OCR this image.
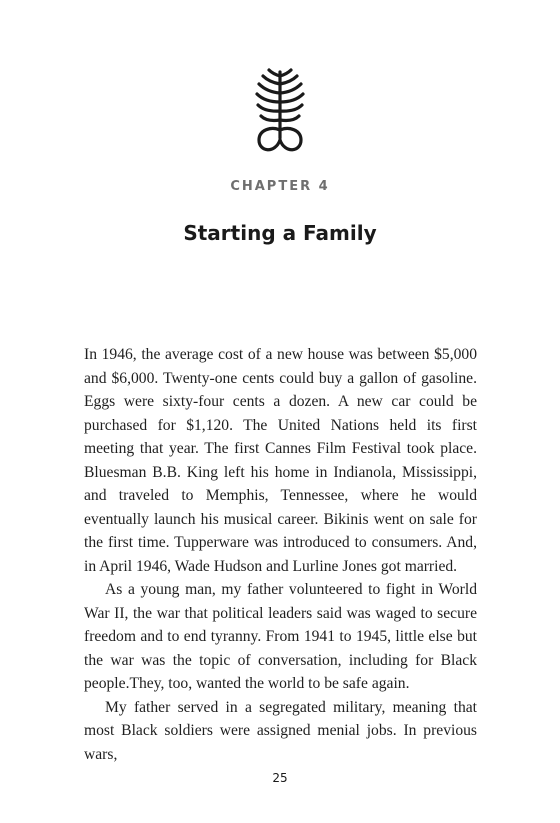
CHAPTER 4
Starting a Family

In 1946, the average cost of a new house was between $5,000 and $6,000. Twenty-one cents could buy a gallon of gasoline. Eggs were sixty-four cents a dozen. A new car could be purchased for $1,120. The United Nations held its first meeting that year. The first Cannes Film Festival took place. Bluesman B.B. King left his home in Indianola, Mississippi, and traveled to Memphis, Tennessee, where he would eventually launch his musical career. Bikinis went on sale for the first time. Tupperware was introduced to consumers. And, in April 1946, Wade Hudson and Lurline Jones got married.

As a young man, my father volunteered to fight in World War II, the war that political leaders said was waged to secure freedom and to end tyranny. From 1941 to 1945, little else but the war was the topic of conversation, including for Black people.They, too, wanted the world to be safe again.

My father served in a segregated military, meaning that most Black soldiers were assigned menial jobs. In previous wars,

25
